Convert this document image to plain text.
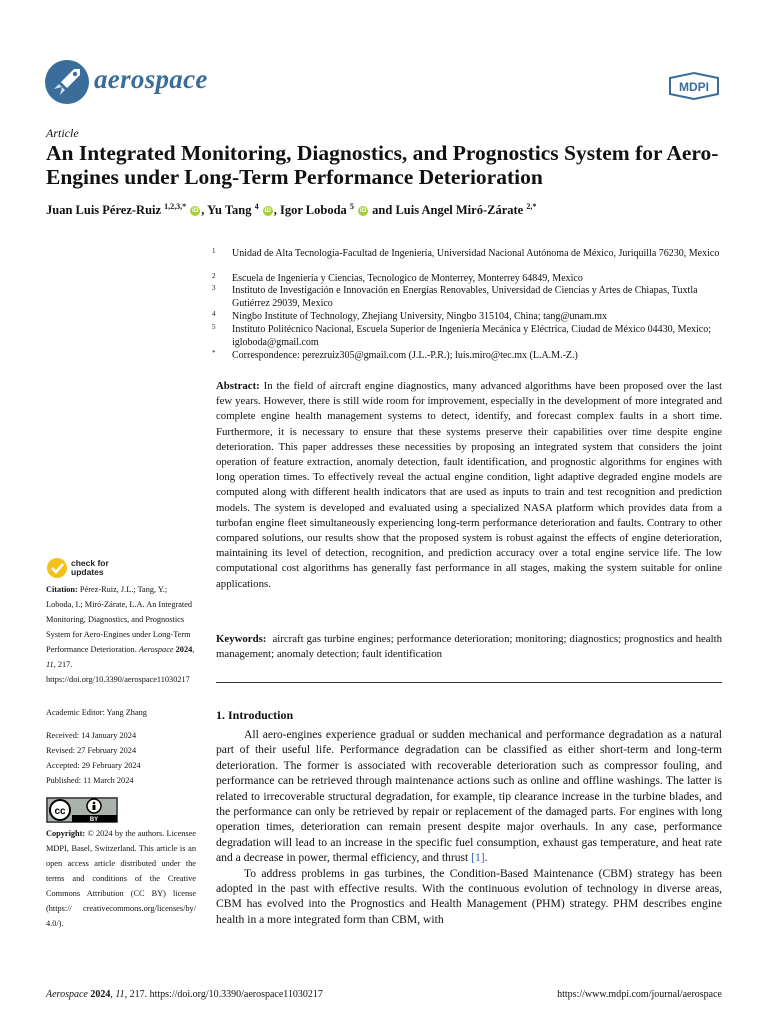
aerospace	MDPI
Article
An Integrated Monitoring, Diagnostics, and Prognostics System for Aero-Engines under Long-Term Performance Deterioration
Juan Luis Pérez-Ruiz $^{1,2,3,*}$ iD , Yu Tang $^4$ iD , Igor Loboda $^5$ iD and Luis Angel Miró-Zárate $^{2,*}$
1 Unidad de Alta Tecnología-Facultad de Ingeniería, Universidad Nacional Autónoma de México, Juriquilla 76230, Mexico
2 Escuela de Ingeniería y Ciencias, Tecnologico de Monterrey, Monterrey 64849, Mexico
3 Instituto de Investigación e Innovación en Energías Renovables, Universidad de Ciencias y Artes de Chiapas, Tuxtla Gutiérrez 29039, Mexico
4 Ningbo Institute of Technology, Zhejiang University, Ningbo 315104, China; tang@unam.mx
5 Instituto Politécnico Nacional, Escuela Superior de Ingeniería Mecánica y Eléctrica, Ciudad de México 04430, Mexico; igloboda@gmail.com
* Correspondence: perezruiz305@gmail.com (J.L.-P.R.); luis.miro@tec.mx (L.A.M.-Z.)
Abstract: In the field of aircraft engine diagnostics, many advanced algorithms have been proposed over the last few years. However, there is still wide room for improvement, especially in the development of more integrated and complete engine health management systems to detect, identify, and forecast complex faults in a short time. Furthermore, it is necessary to ensure that these systems preserve their capabilities over time despite engine deterioration. This paper addresses these necessities by proposing an integrated system that considers the joint operation of feature extraction, anomaly detection, fault identification, and prognostic algorithms for engines with long operation times. To effectively reveal the actual engine condition, light adaptive degraded engine models are computed along with different health indicators that are used as inputs to train and test recognition and prediction models. The system is developed and evaluated using a specialized NASA platform which provides data from a turbofan engine fleet simultaneously experiencing long-term performance deterioration and faults. Contrary to other compared solutions, our results show that the proposed system is robust against the effects of engine deterioration, maintaining its level of detection, recognition, and prediction accuracy over a total engine service life. The low computational cost algorithms has generally fast performance in all stages, making the system suitable for online applications.
Keywords: aircraft gas turbine engines; performance deterioration; monitoring; diagnostics; prognostics and health management; anomaly detection; fault identification
check for
updates
Citation: Pérez-Ruiz, J.L.; Tang, Y.; Loboda, I.; Miró-Zárate, L.A. An Integrated Monitoring, Diagnostics, and Prognostics System for Aero-Engines under Long-Term Performance Deterioration. Aerospace 2024, 11, 217. https://doi.org/10.3390/aerospace11030217
Academic Editor: Yang Zhang
Received: 14 January 2024
Revised: 27 February 2024
Accepted: 29 February 2024
Published: 11 March 2024
cc
BY
Copyright: © 2024 by the authors. Licensee MDPI, Basel, Switzerland. This article is an open access article distributed under the terms and conditions of the Creative Commons Attribution (CC BY) license (https:// creativecommons.org/licenses/by/ 4.0/).
1. Introduction

All aero-engines experience gradual or sudden mechanical and performance degradation as a natural part of their useful life. Performance degradation can be classified as either short-term and long-term deterioration. The former is associated with recoverable deterioration such as compressor fouling, and performance can be retrieved through maintenance actions such as online and offline washings. The latter is related to irrecoverable structural degradation, for example, tip clearance increase in the turbine blades, and the performance can only be retrieved by repair or replacement of the damaged parts. For engines with long operation times, deterioration can remain present despite major overhauls. In any case, performance degradation will lead to an increase in the specific fuel consumption, exhaust gas temperature, and heat rate and a decrease in power, thermal efficiency, and thrust [1].

To address problems in gas turbines, the Condition-Based Maintenance (CBM) strategy has been adopted in the past with effective results. With the continuous evolution of technology in diverse areas, CBM has evolved into the Prognostics and Health Management (PHM) strategy. PHM describes engine health in a more integrated form than CBM, with

Aerospace 2024, 11, 217. https://doi.org/10.3390/aerospace11030217	https://www.mdpi.com/journal/aerospace
